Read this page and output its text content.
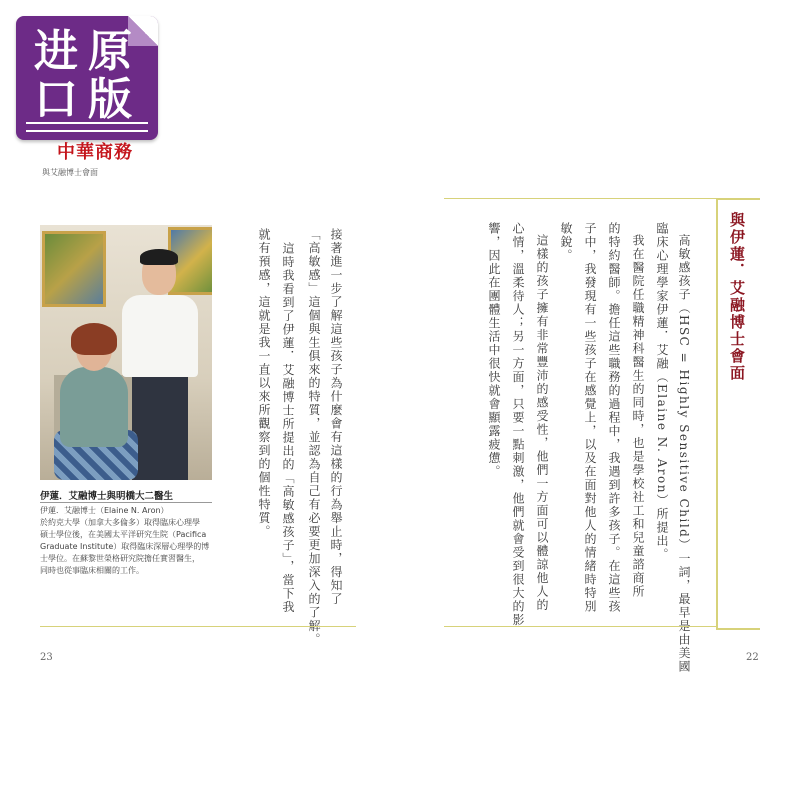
进 原
口 版
中華商務
與艾融博士會面
伊蓮．艾融博士與明橋大二醫生
伊蓮．艾融博士（Elaine N. Aron）
於約克大學（加拿大多倫多）取得臨床心理學
碩士學位後，在美國太平洋研究生院（Pacifica
Graduate Institute）取得臨床深層心理學的博
士學位。在蘇黎世榮格研究院擔任實習醫生，
同時也從事臨床相關的工作。	接著進一步了解這些孩子為什麼會有這樣的行為舉止時，得知了
「高敏感」這個與生俱來的特質，並認為自己有必要更加深入的了解。
這時我看到了伊蓮．艾融博士所提出的「高敏感孩子」，當下我
就有預感，這就是我一直以來所觀察到的個性特質。
23
與伊蓮．艾融博士會面
高敏感孩子（HSC = Highly Sensitive Child）一詞，最早是由美國
臨床心理學家伊蓮．艾融（Elaine N. Aron）所提出。
我在醫院任職精神科醫生的同時，也是學校社工和兒童諮商所
的特約醫師。擔任這些職務的過程中，我遇到許多孩子。在這些孩
子中，我發現有一些孩子在感覺上，以及在面對他人的情緒時特別
敏銳。
這樣的孩子擁有非常豐沛的感受性，他們一方面可以體諒他人的
心情，溫柔待人；另一方面，只要一點刺激，他們就會受到很大的影
響，因此在團體生活中很快就會顯露疲憊。
22
